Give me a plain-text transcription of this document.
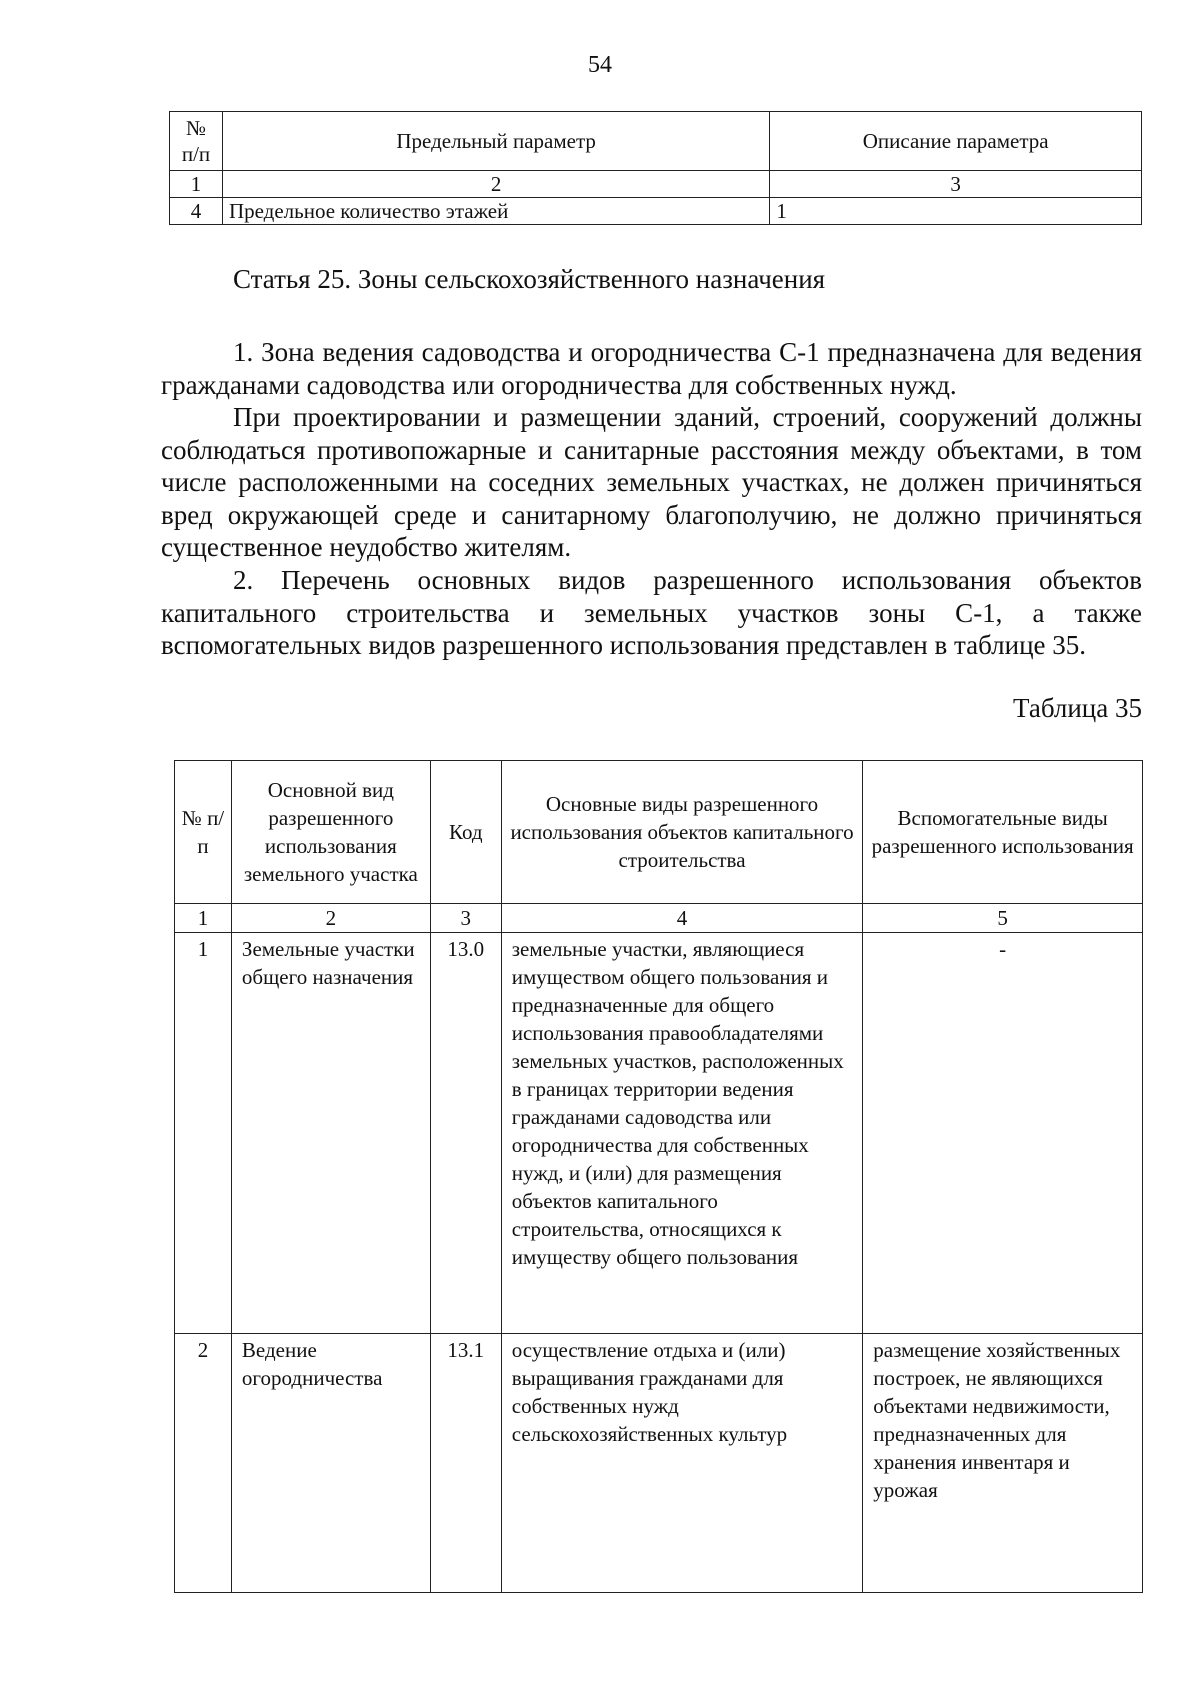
54
№ п/п	Предельный параметр	Описание параметра
1	2	3
4	Предельное количество этажей	1
Статья 25. Зоны сельскохозяйственного назначения
1. Зона ведения садоводства и огородничества С-1 предназначена для ведения гражданами садоводства или огородничества для собственных нужд.
При проектировании и размещении зданий, строений, сооружений должны соблюдаться противопожарные и санитарные расстояния между объектами, в том числе расположенными на соседних земельных участках, не должен причиняться вред окружающей среде и санитарному благополучию, не должно причиняться существенное неудобство жителям.
2. Перечень основных видов разрешенного использования объектов капитального строительства и земельных участков зоны С-1, а также вспомогательных видов разрешенного использования представлен в таблице 35.
Таблица 35
№ п/п	Основной вид разрешенного использования земельного участка	Код	Основные виды разрешенного использования объектов капитального строительства	Вспомогательные виды разрешенного использования
1	2	3	4	5
1	Земельные участки общего назначения	13.0	земельные участки, являющиеся имуществом общего пользования и предназначенные для общего использования правообладателями земельных участков, расположенных в границах территории ведения гражданами садоводства или огородничества для собственных нужд, и (или) для размещения объектов капитального строительства, относящихся к имуществу общего пользования	-
2	Ведение огородничества	13.1	осуществление отдыха и (или) выращивания гражданами для собственных нужд сельскохозяйственных культур	размещение хозяйственных построек, не являющихся объектами недвижимости, предназначенных для хранения инвентаря и урожая
